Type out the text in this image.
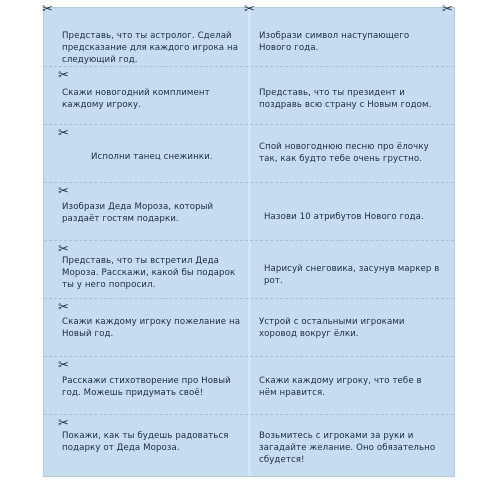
Представь, что ты астролог. Сделай предсказание для каждого игрока на следующий год.
Изобрази символ наступающего Нового года.
Скажи новогодний комплимент каждому игроку.
Представь, что ты президент и поздравь всю страну с Новым годом.
Исполни танец снежинки.
Спой новогоднюю песню про ёлочку так, как будто тебе очень грустно.
Изобрази Деда Мороза, который раздаёт гостям подарки.	Назови 10 атрибутов Нового года.
Представь, что ты встретил Деда Мороза. Расскажи, какой бы подарок ты у него попросил.
Нарисуй снеговика, засунув маркер в рот.
Скажи каждому игроку пожелание на Новый год.
Устрой с остальными игроками хоровод вокруг ёлки.
Расскажи стихотворение про Новый год. Можешь придумать своё!
Скажи каждому игроку, что тебе в нём нравится.
Покажи, как ты будешь радоваться подарку от Деда Мороза.
Возьмитесь с игроками за руки и загадайте желание. Оно обязательно сбудется!
✂	✂	✂
✂
✂
✂
✂
✂
✂
✂
